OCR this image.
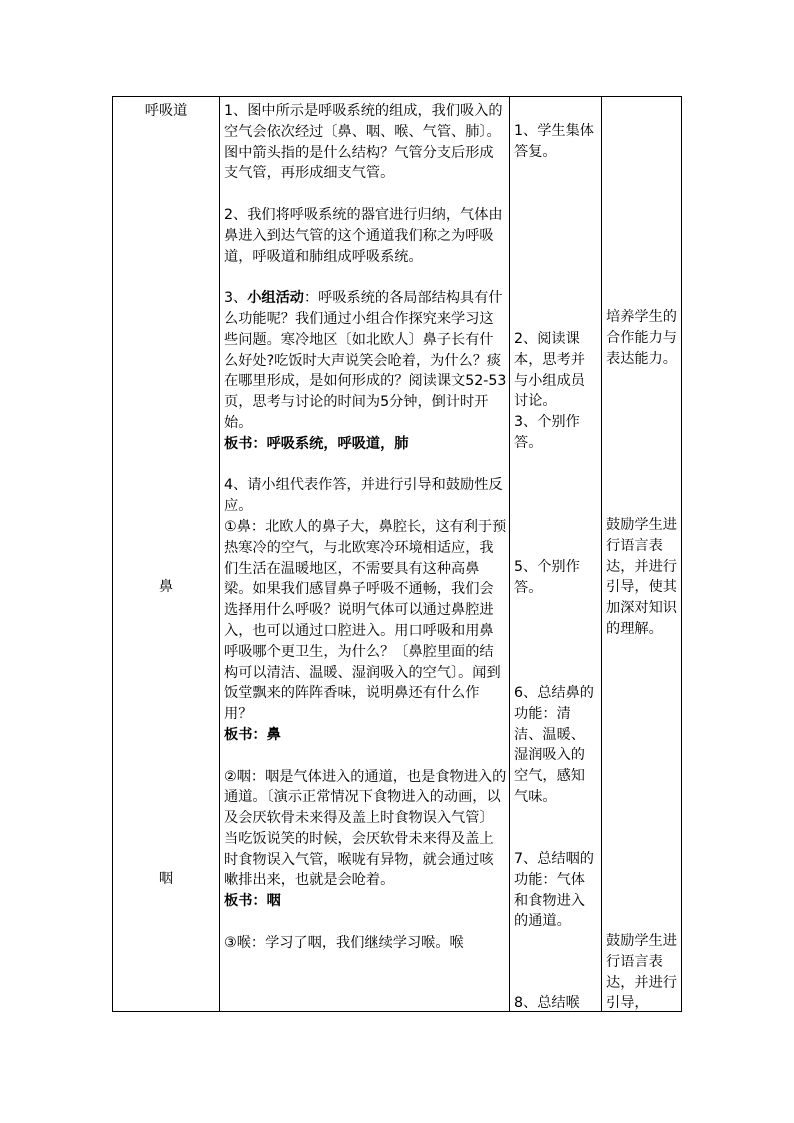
呼吸道
鼻
咽

1、图中所示是呼吸系统的组成，我们吸入的空气会依次经过〔鼻、咽、喉、气管、肺〕。图中箭头指的是什么结构？气管分支后形成支气管，再形成细支气管。

2、我们将呼吸系统的器官进行归纳，气体由鼻进入到达气管的这个通道我们称之为呼吸道，呼吸道和肺组成呼吸系统。

3、小组活动：呼吸系统的各局部结构具有什么功能呢？我们通过小组合作探究来学习这些问题。寒冷地区〔如北欧人〕鼻子长有什么好处?吃饭时大声说笑会呛着，为什么？痰在哪里形成，是如何形成的？阅读课文52-53页，思考与讨论的时间为5分钟，倒计时开始。

板书：呼吸系统，呼吸道，肺

4、请小组代表作答，并进行引导和鼓励性反应。

①鼻：北欧人的鼻子大，鼻腔长，这有利于预热寒冷的空气，与北欧寒冷环境相适应，我们生活在温暖地区，不需要具有这种高鼻梁。如果我们感冒鼻子呼吸不通畅，我们会选择用什么呼吸？说明气体可以通过鼻腔进入，也可以通过口腔进入。用口呼吸和用鼻呼吸哪个更卫生，为什么？〔鼻腔里面的结构可以清洁、温暖、湿润吸入的空气〕。闻到饭堂飘来的阵阵香味，说明鼻还有什么作用？

板书：鼻

②咽：咽是气体进入的通道，也是食物进入的通道。〔演示正常情况下食物进入的动画，以及会厌软骨未来得及盖上时食物误入气管〕当吃饭说笑的时候，会厌软骨未来得及盖上时食物误入气管，喉咙有异物，就会通过咳嗽排出来，也就是会呛着。

板书：咽

③喉：学习了咽，我们继续学习喉。喉

1、学生集体答复。
2、阅读课本，思考并与小组成员讨论。
3、个别作答。
5、个别作答。
6、总结鼻的功能：清洁、温暖、湿润吸入的空气，感知气味。
7、总结咽的功能：气体和食物进入的通道。
8、总结喉
培养学生的合作能力与表达能力。
鼓励学生进行语言表达，并进行引导，使其加深对知识的理解。
鼓励学生进行语言表达，并进行引导，
